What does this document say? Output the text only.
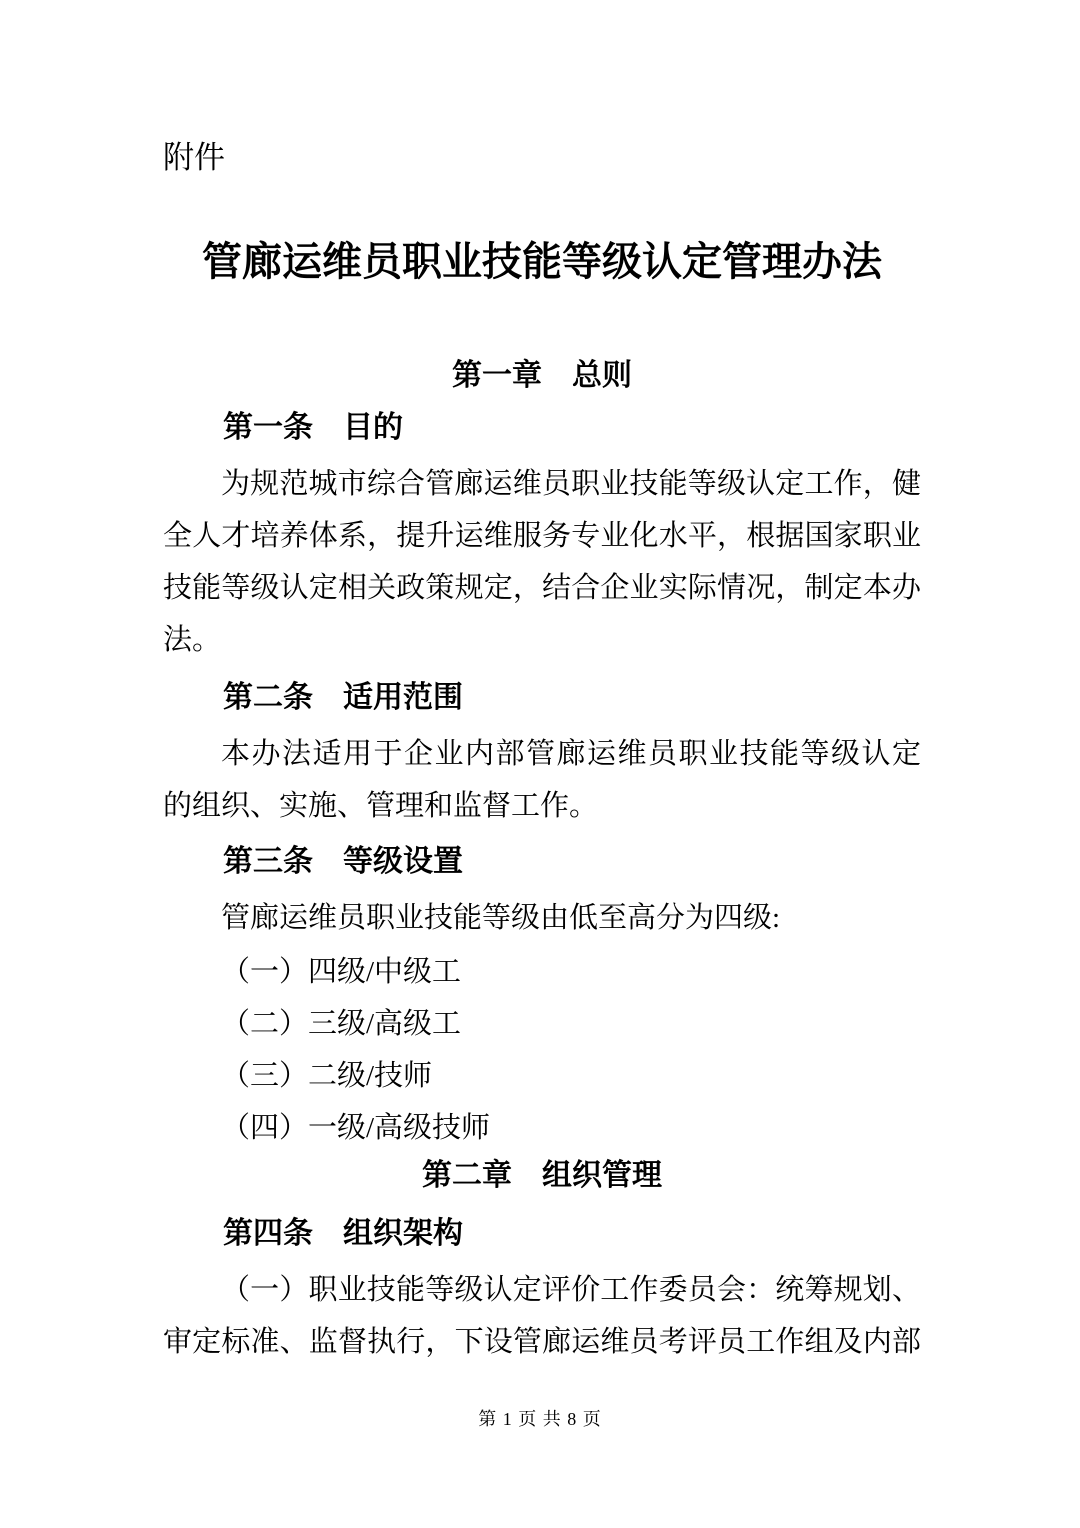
附件
管廊运维员职业技能等级认定管理办法
第一章　总则
第一条　目的
为规范城市综合管廊运维员职业技能等级认定工作，健
全人才培养体系，提升运维服务专业化水平，根据国家职业
技能等级认定相关政策规定，结合企业实际情况，制定本办
法。
第二条　适用范围
本办法适用于企业内部管廊运维员职业技能等级认定
的组织、实施、管理和监督工作。
第三条　等级设置
管廊运维员职业技能等级由低至高分为四级:
（一）四级/中级工
（二）三级/高级工
（三）二级/技师
（四）一级/高级技师
第二章　组织管理
第四条　组织架构
（一）职业技能等级认定评价工作委员会：统筹规划、
审定标准、监督执行，下设管廊运维员考评员工作组及内部
第 1 页 共 8 页
